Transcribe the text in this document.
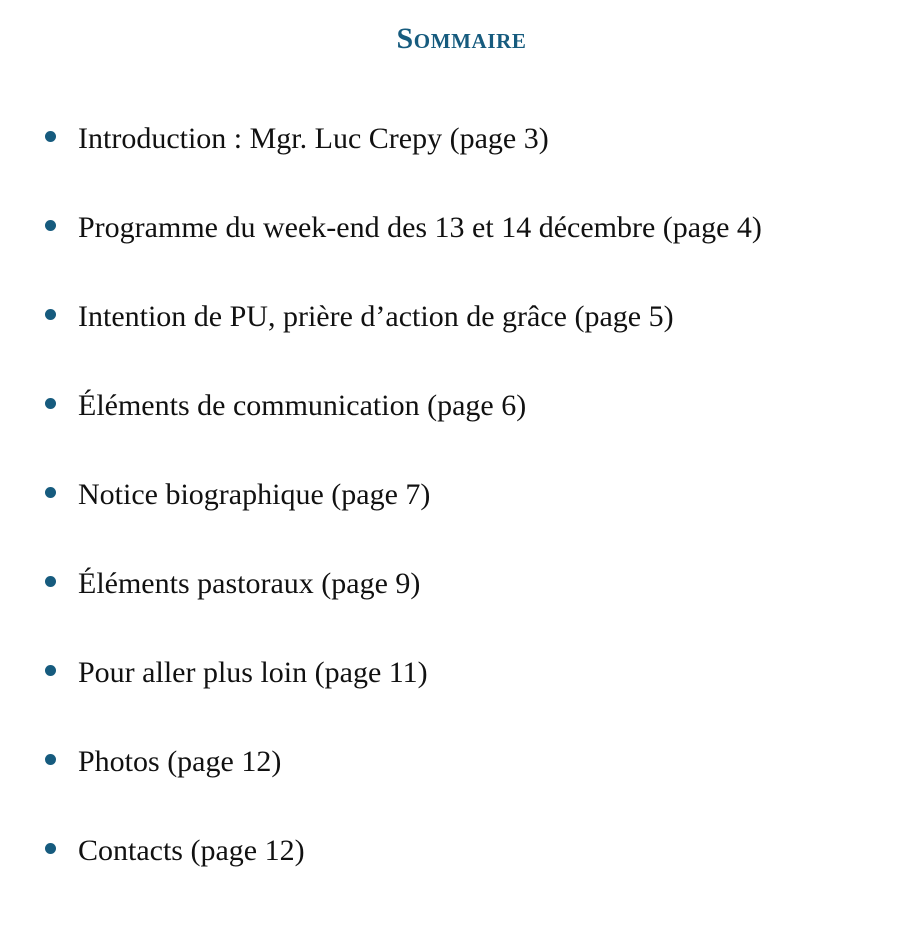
Sommaire
Introduction : Mgr. Luc Crepy (page 3)
Programme du week-end des 13 et 14 décembre (page 4)
Intention de PU, prière d’action de grâce (page 5)
Éléments de communication (page 6)
Notice biographique (page 7)
Éléments pastoraux (page 9)
Pour aller plus loin (page 11)
Photos (page 12)
Contacts (page 12)
